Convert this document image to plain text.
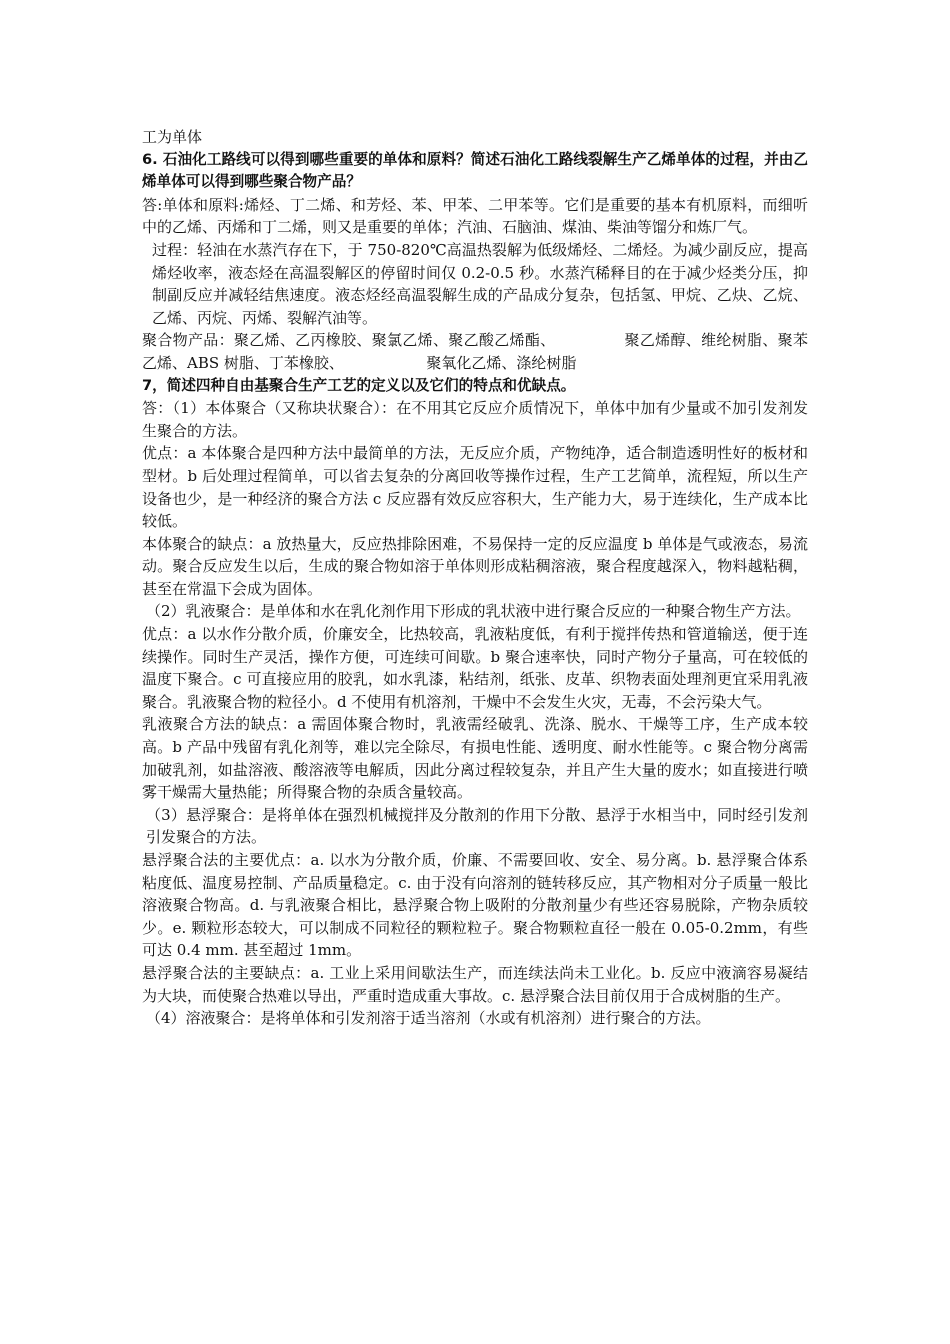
工为单体

6. 石油化工路线可以得到哪些重要的单体和原料？简述石油化工路线裂解生产乙烯单体的过程，并由乙烯单体可以得到哪些聚合物产品？

答:单体和原料:烯烃、丁二烯、和芳烃、苯、甲苯、二甲苯等。它们是重要的基本有机原料，而细听中的乙烯、丙烯和丁二烯，则又是重要的单体；汽油、石脑油、煤油、柴油等馏分和炼厂气。

过程：轻油在水蒸汽存在下，于 750-820℃高温热裂解为低级烯烃、二烯烃。为减少副反应，提高烯烃收率，液态烃在高温裂解区的停留时间仅 0.2-0.5 秒。水蒸汽稀释目的在于减少烃类分压，抑制副反应并减轻结焦速度。液态烃经高温裂解生成的产品成分复杂，包括氢、甲烷、乙炔、乙烷、乙烯、丙烷、丙烯、裂解汽油等。

聚合物产品：聚乙烯、乙丙橡胶、聚氯乙烯、聚乙酸乙烯酯、　　　　　聚乙烯醇、维纶树脂、聚苯乙烯、ABS 树脂、丁苯橡胶、　　　　　　聚氧化乙烯、涤纶树脂

7，简述四种自由基聚合生产工艺的定义以及它们的特点和优缺点。

答：（1）本体聚合（又称块状聚合）：在不用其它反应介质情况下，单体中加有少量或不加引发剂发生聚合的方法。

优点：a 本体聚合是四种方法中最简单的方法，无反应介质，产物纯净，适合制造透明性好的板材和型材。b 后处理过程简单，可以省去复杂的分离回收等操作过程，生产工艺简单，流程短，所以生产设备也少，是一种经济的聚合方法 c 反应器有效反应容积大，生产能力大，易于连续化，生产成本比较低。

本体聚合的缺点：a 放热量大，反应热排除困难，不易保持一定的反应温度 b 单体是气或液态，易流动。聚合反应发生以后，生成的聚合物如溶于单体则形成粘稠溶液，聚合程度越深入，物料越粘稠，甚至在常温下会成为固体。

（2）乳液聚合：是单体和水在乳化剂作用下形成的乳状液中进行聚合反应的一种聚合物生产方法。

优点：a 以水作分散介质，价廉安全，比热较高，乳液粘度低，有利于搅拌传热和管道输送，便于连续操作。同时生产灵活，操作方便，可连续可间歇。b 聚合速率快，同时产物分子量高，可在较低的温度下聚合。c 可直接应用的胶乳，如水乳漆，粘结剂，纸张、皮革、织物表面处理剂更宜采用乳液聚合。乳液聚合物的粒径小。d 不使用有机溶剂，干燥中不会发生火灾，无毒，不会污染大气。

乳液聚合方法的缺点：a 需固体聚合物时，乳液需经破乳、洗涤、脱水、干燥等工序，生产成本较高。b 产品中残留有乳化剂等，难以完全除尽，有损电性能、透明度、耐水性能等。c 聚合物分离需加破乳剂，如盐溶液、酸溶液等电解质，因此分离过程较复杂，并且产生大量的废水；如直接进行喷雾干燥需大量热能；所得聚合物的杂质含量较高。

（3）悬浮聚合：是将单体在强烈机械搅拌及分散剂的作用下分散、悬浮于水相当中，同时经引发剂引发聚合的方法。

悬浮聚合法的主要优点：a. 以水为分散介质，价廉、不需要回收、安全、易分离。b. 悬浮聚合体系粘度低、温度易控制、产品质量稳定。c. 由于没有向溶剂的链转移反应，其产物相对分子质量一般比溶液聚合物高。d. 与乳液聚合相比，悬浮聚合物上吸附的分散剂量少有些还容易脱除，产物杂质较少。e. 颗粒形态较大，可以制成不同粒径的颗粒粒子。聚合物颗粒直径一般在 0.05-0.2mm，有些可达 0.4 mm. 甚至超过 1mm。

悬浮聚合法的主要缺点：a. 工业上采用间歇法生产，而连续法尚未工业化。b. 反应中液滴容易凝结为大块，而使聚合热难以导出，严重时造成重大事故。c. 悬浮聚合法目前仅用于合成树脂的生产。

（4）溶液聚合：是将单体和引发剂溶于适当溶剂（水或有机溶剂）进行聚合的方法。
